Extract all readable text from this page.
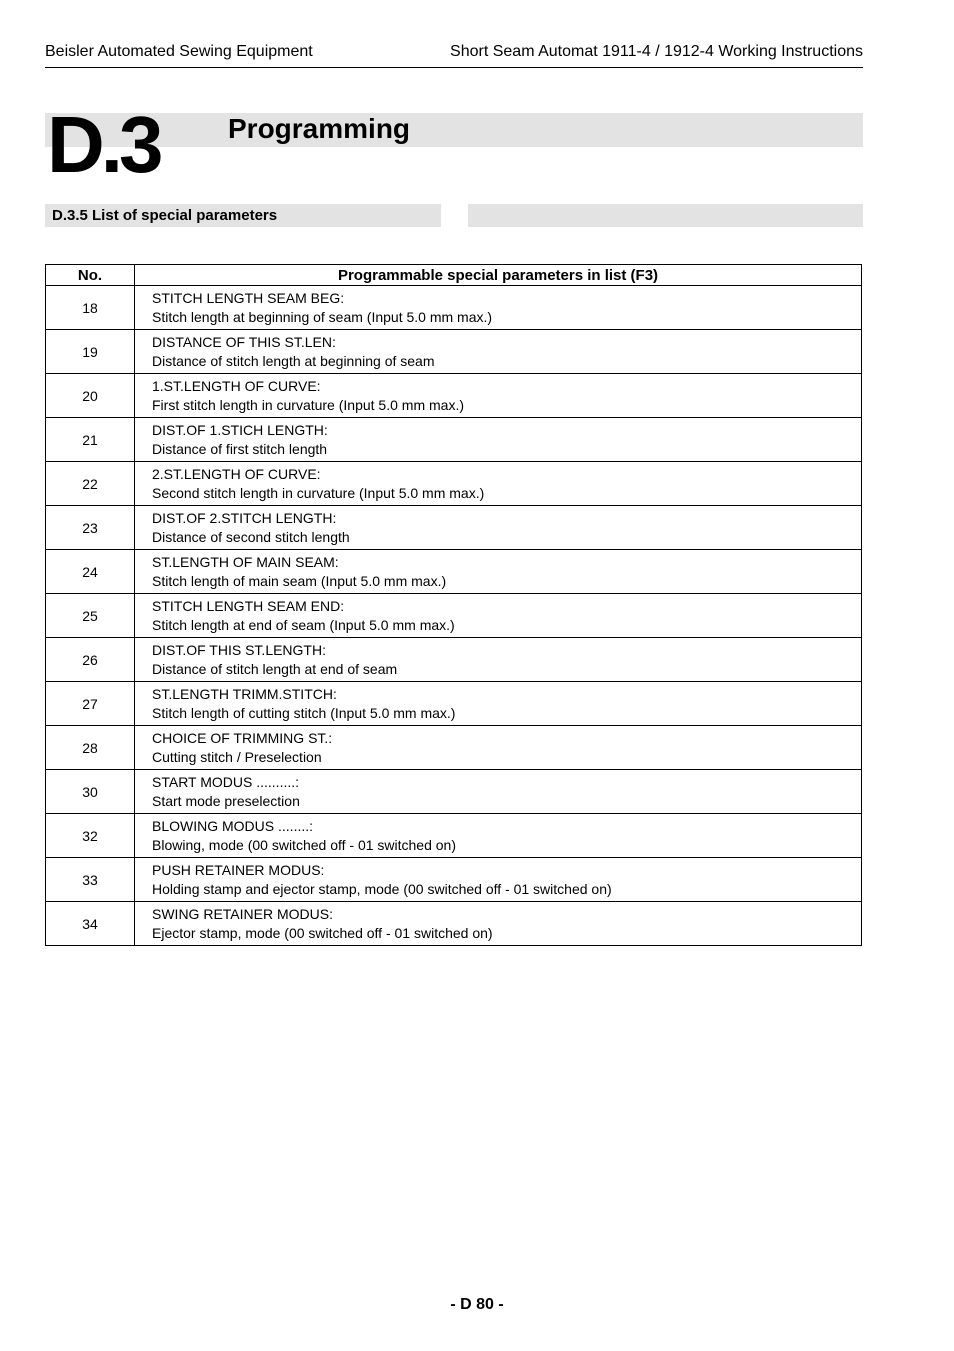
Beisler Automated Sewing Equipment	Short Seam Automat 1911-4 / 1912-4 Working Instructions
D.3 Programming
D.3.5 List of special parameters
No.	Programmable special parameters in list (F3)
18	STITCH LENGTH SEAM BEG:
Stitch length at beginning of seam (Input 5.0 mm max.)

19	DISTANCE OF THIS ST.LEN:
Distance of stitch length at beginning of seam

20	1.ST.LENGTH OF CURVE:
First stitch length in curvature (Input 5.0 mm max.)

21	DIST.OF 1.STICH LENGTH:
Distance of first stitch length

22	2.ST.LENGTH OF CURVE:
Second stitch length in curvature (Input 5.0 mm max.)

23	DIST.OF 2.STITCH LENGTH:
Distance of second stitch length

24	ST.LENGTH OF MAIN SEAM:
Stitch length of main seam (Input 5.0 mm max.)

25	STITCH LENGTH SEAM END:
Stitch length at end of seam (Input 5.0 mm max.)

26	DIST.OF THIS ST.LENGTH:
Distance of stitch length at end of seam

27	ST.LENGTH TRIMM.STITCH:
Stitch length of cutting stitch (Input 5.0 mm max.)

28	CHOICE OF TRIMMING ST.:
Cutting stitch / Preselection

30	START MODUS ..........:
Start mode preselection

32	BLOWING MODUS ........:
Blowing, mode (00 switched off - 01 switched on)

33	PUSH RETAINER MODUS:
Holding stamp and ejector stamp, mode (00 switched off - 01 switched on)

34	SWING RETAINER MODUS:
Ejector stamp, mode (00 switched off - 01 switched on)
- D 80 -
